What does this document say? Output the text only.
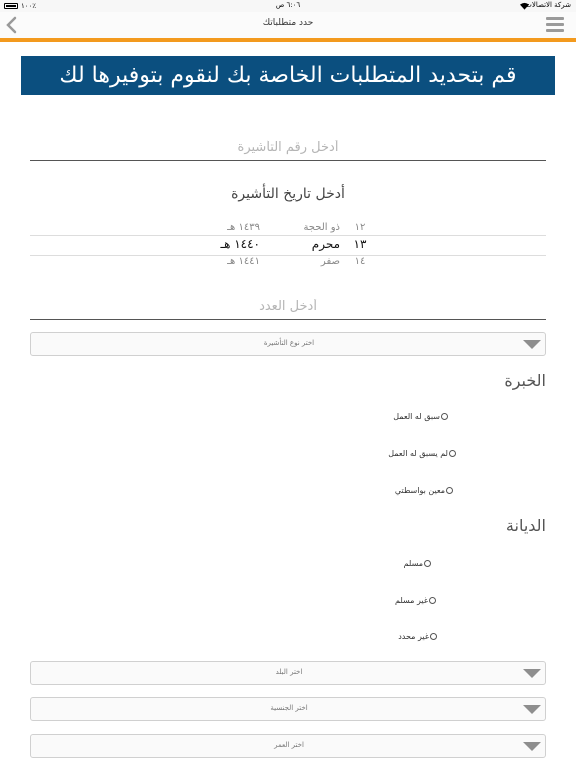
١٠٠٪	٦:٠٦ ص	شركة الاتصالات
حدد متطلباتك
قم بتحديد المتطلبات الخاصة بك لنقوم بتوفيرها لك
أدخل رقم التأشيرة
أدخل تاريخ التأشيرة
١٢
ذو الحجة
١٤٣٩ هـ
١٣
محرم
١٤٤٠ هـ
١٤
صفر
١٤٤١ هـ
أدخل العدد
اختر نوع التأشيرة
الخبرة
سبق له العمل
لم يسبق له العمل
معين بواسطتي
الديانة
مسلم
غير مسلم
غير محدد
اختر البلد
اختر الجنسية
اختر العمر
